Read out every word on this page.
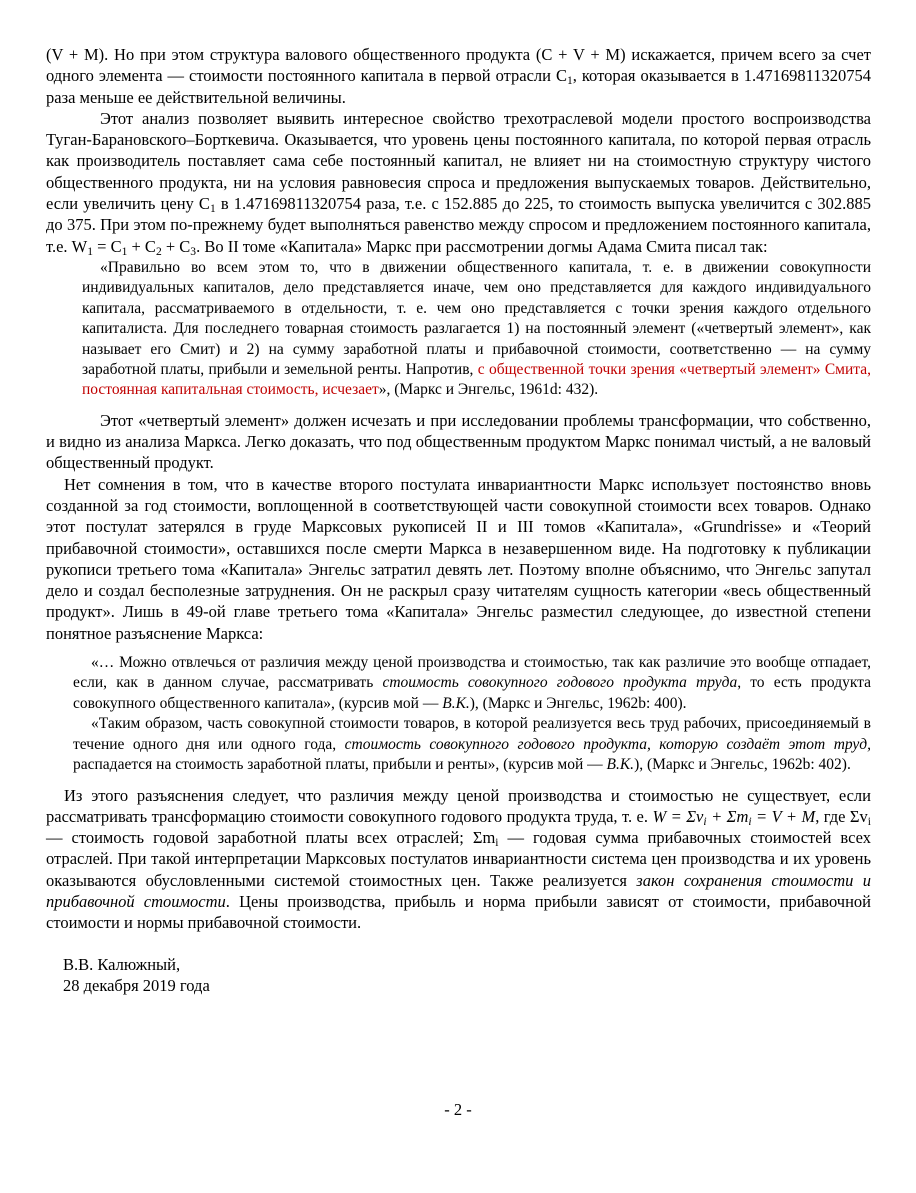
(V + M). Но при этом структура валового общественного продукта (C + V + M) искажается, причем всего за счет одного элемента — стоимости постоянного капитала в первой отрасли $C_1$, которая оказывается в 1.47169811320754 раза меньше ее действительной величины.

Этот анализ позволяет выявить интересное свойство трехотраслевой модели простого воспроизводства Туган-Барановского–Борткевича. Оказывается, что уровень цены постоянного капитала, по которой первая отрасль как производитель поставляет сама себе постоянный капитал, не влияет ни на стоимостную структуру чистого общественного продукта, ни на условия равновесия спроса и предложения выпускаемых товаров. Действительно, если увеличить цену $C_1$ в 1.47169811320754 раза, т.е. с 152.885 до 225, то стоимость выпуска увеличится с 302.885 до 375. При этом по-прежнему будет выполняться равенство между спросом и предложением постоянного капитала, т.е. $W_1 = C_1 + C_2 + C_3$. Во II томе «Капитала» Маркс при рассмотрении догмы Адама Смита писал так:

«Правильно во всем этом то, что в движении общественного капитала, т. е. в движении совокупности индивидуальных капиталов, дело представляется иначе, чем оно представляется для каждого индивидуального капитала, рассматриваемого в отдельности, т. е. чем оно представляется с точки зрения каждого отдельного капиталиста. Для последнего товарная стоимость разлагается 1) на постоянный элемент («четвертый элемент», как называет его Смит) и 2) на сумму заработной платы и прибавочной стоимости, соответственно — на сумму заработной платы, прибыли и земельной ренты. Напротив, с общественной точки зрения «четвертый элемент» Смита, постоянная капитальная стоимость, исчезает», (Маркс и Энгельс, 1961d: 432).

Этот «четвертый элемент» должен исчезать и при исследовании проблемы трансформации, что собственно, и видно из анализа Маркса. Легко доказать, что под общественным продуктом Маркс понимал чистый, а не валовый общественный продукт.

Нет сомнения в том, что в качестве второго постулата инвариантности Маркс использует постоянство вновь созданной за год стоимости, воплощенной в соответствующей части совокупной стоимости всех товаров. Однако этот постулат затерялся в груде Марксовых рукописей II и III томов «Капитала», «Grundrisse» и «Теорий прибавочной стоимости», оставшихся после смерти Маркса в незавершенном виде. На подготовку к публикации рукописи третьего тома «Капитала» Энгельс затратил девять лет. Поэтому вполне объяснимо, что Энгельс запутал дело и создал бесполезные затруднения. Он не раскрыл сразу читателям сущность категории «весь общественный продукт». Лишь в 49-ой главе третьего тома «Капитала» Энгельс разместил следующее, до известной степени понятное разъяснение Маркса:

«… Можно отвлечься от различия между ценой производства и стоимостью, так как различие это вообще отпадает, если, как в данном случае, рассматривать стоимость совокупного годового продукта труда, то есть продукта совокупного общественного капитала», (курсив мой — В.К.), (Маркс и Энгельс, 1962b: 400).

«Таким образом, часть совокупной стоимости товаров, в которой реализуется весь труд рабочих, присоединяемый в течение одного дня или одного года, стоимость совокупного годового продукта, которую создаёт этот труд, распадается на стоимость заработной платы, прибыли и ренты», (курсив мой — В.К.), (Маркс и Энгельс, 1962b: 402).

Из этого разъяснения следует, что различия между ценой производства и стоимостью не существует, если рассматривать трансформацию стоимости совокупного годового продукта труда, т. е. $W = \Sigma v_i + \Sigma m_i = V + M$, где $\Sigma v_i$ — стоимость годовой заработной платы всех отраслей; $\Sigma m_i$ — годовая сумма прибавочных стоимостей всех отраслей. При такой интерпретации Марксовых постулатов инвариантности система цен производства и их уровень оказываются обусловленными системой стоимостных цен. Также реализуется закон сохранения стоимости и прибавочной стоимости. Цены производства, прибыль и норма прибыли зависят от стоимости, прибавочной стоимости и нормы прибавочной стоимости.

В.В. Калюжный,
28 декабря 2019 года
- 2 -
